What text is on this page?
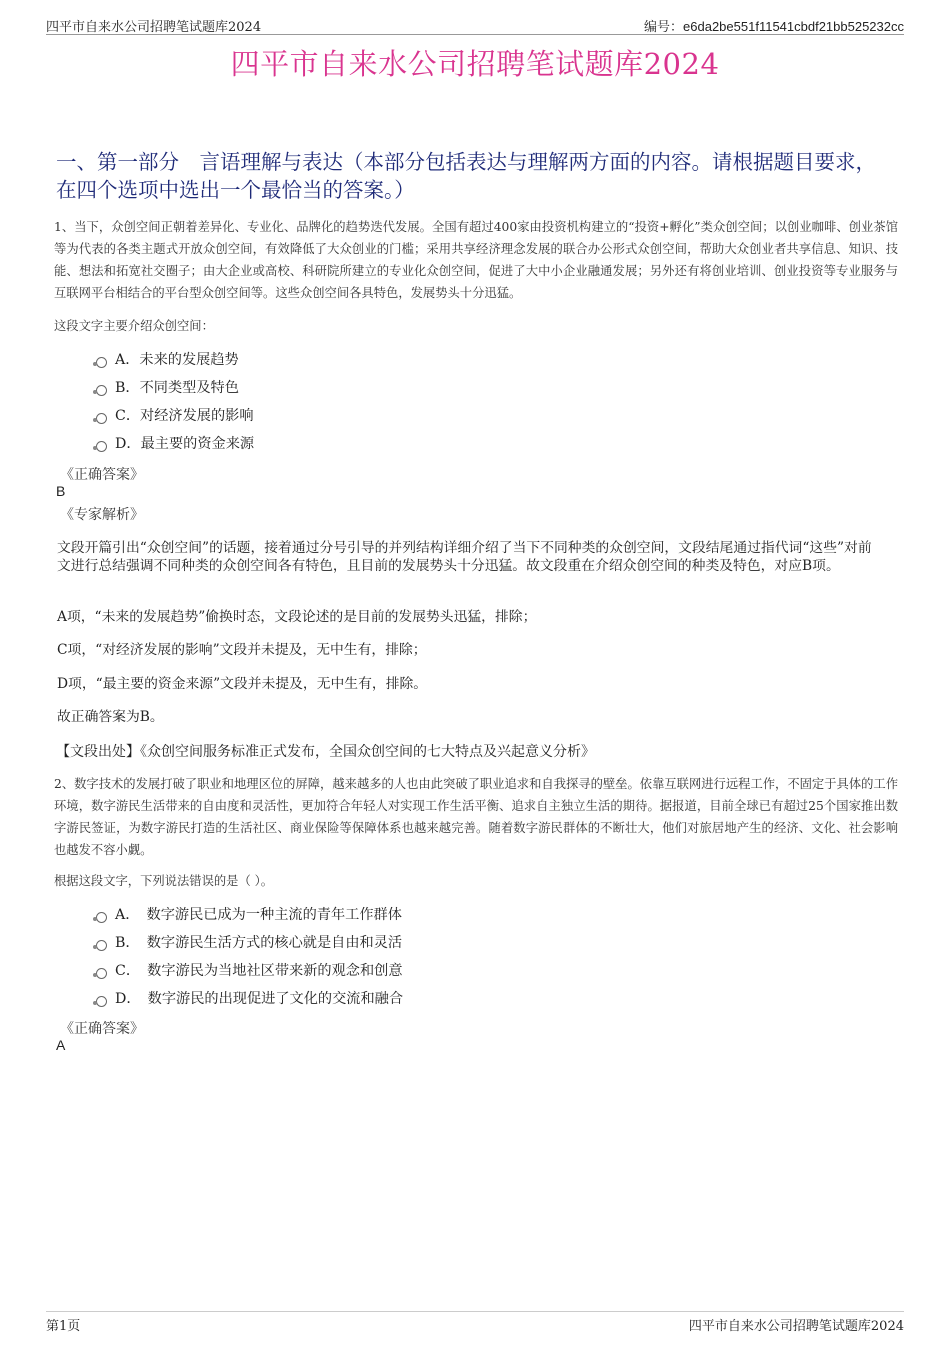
四平市自来水公司招聘笔试题库2024	编号：e6da2be551f11541cbdf21bb525232cc
四平市自来水公司招聘笔试题库2024
一、第一部分　言语理解与表达（本部分包括表达与理解两方面的内容。请根据题目要求，在四个选项中选出一个最恰当的答案。）
1、当下，众创空间正朝着差异化、专业化、品牌化的趋势迭代发展。全国有超过400家由投资机构建立的“投资+孵化”类众创空间；以创业咖啡、创业茶馆等为代表的各类主题式开放众创空间，有效降低了大众创业的门槛；采用共享经济理念发展的联合办公形式众创空间，帮助大众创业者共享信息、知识、技能、想法和拓宽社交圈子；由大企业或高校、科研院所建立的专业化众创空间，促进了大中小企业融通发展；另外还有将创业培训、创业投资等专业服务与互联网平台相结合的平台型众创空间等。这些众创空间各具特色，发展势头十分迅猛。
这段文字主要介绍众创空间：
A．未来的发展趋势
B．不同类型及特色
C．对经济发展的影响
D．最主要的资金来源
《正确答案》
B
《专家解析》
文段开篇引出“众创空间”的话题，接着通过分号引导的并列结构详细介绍了当下不同种类的众创空间，文段结尾通过指代词“这些”对前文进行总结强调不同种类的众创空间各有特色，且目前的发展势头十分迅猛。故文段重在介绍众创空间的种类及特色，对应B项。
A项，“未来的发展趋势”偷换时态，文段论述的是目前的发展势头迅猛，排除；
C项，“对经济发展的影响”文段并未提及，无中生有，排除；
D项，“最主要的资金来源”文段并未提及，无中生有，排除。
故正确答案为B。
【文段出处】《众创空间服务标准正式发布，全国众创空间的七大特点及兴起意义分析》
2、数字技术的发展打破了职业和地理区位的屏障，越来越多的人也由此突破了职业追求和自我探寻的壁垒。依靠互联网进行远程工作，不固定于具体的工作环境，数字游民生活带来的自由度和灵活性，更加符合年轻人对实现工作生活平衡、追求自主独立生活的期待。据报道，目前全球已有超过25个国家推出数字游民签证，为数字游民打造的生活社区、商业保险等保障体系也越来越完善。随着数字游民群体的不断壮大，他们对旅居地产生的经济、文化、社会影响也越发不容小觑。
根据这段文字，下列说法错误的是（ ）。
A．　数字游民已成为一种主流的青年工作群体
B．　数字游民生活方式的核心就是自由和灵活
C．　数字游民为当地社区带来新的观念和创意
D．　数字游民的出现促进了文化的交流和融合
《正确答案》
A
第1页	四平市自来水公司招聘笔试题库2024
